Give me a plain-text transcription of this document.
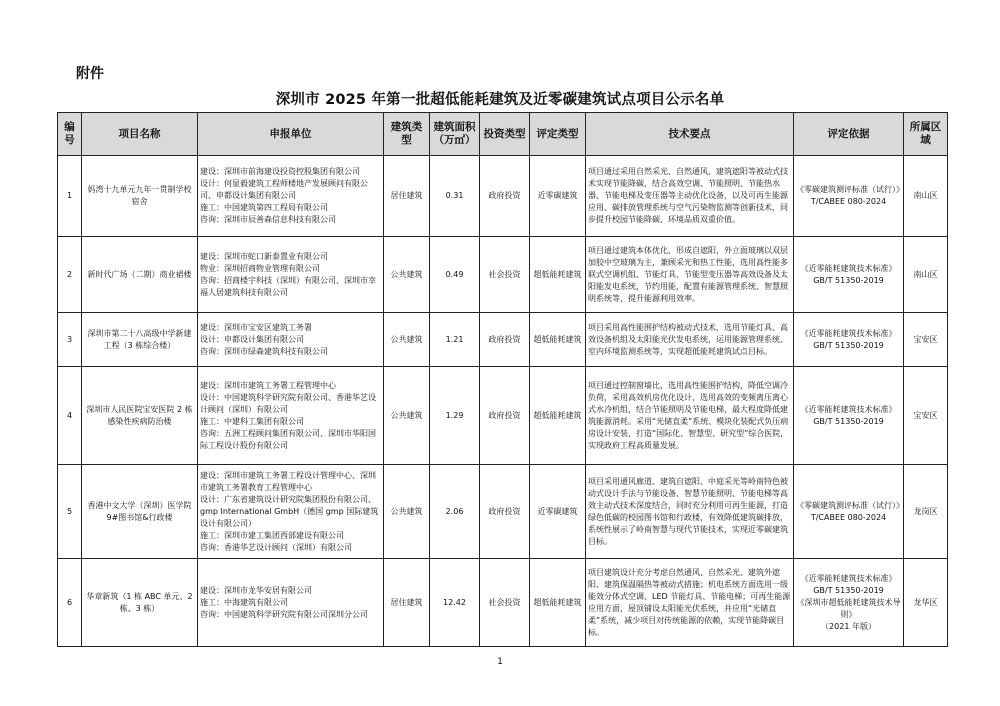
附件
深圳市 2025 年第一批超低能耗建筑及近零碳建筑试点项目公示名单
编号	项目名称	申报单位	建筑类型	建筑面积
（万㎡）	投资类型	评定类型	技术要点	评定依据	所属区域
1	妈湾十九单元九年一贯制学校宿舍	建设：深圳市前海建设投资控股集团有限公司
设计：何显毅建筑工程师楼地产发展顾问有限公司、申都设计集团有限公司
施工：中国建筑第四工程局有限公司
咨询：深圳市辰善森信息科技有限公司	居住建筑	0.31	政府投资	近零碳建筑	项目通过采用自然采光、自然通风、建筑遮阳等被动式技术实现节能降碳，结合高效空调、节能照明、节能热水器、节能电梯及变压器等主动优化设备，以及可再生能源应用、碳排放管理系统与空气污染物监测等创新技术，同步提升校园节能降碳、环境品质双重价值。	《零碳建筑测评标准（试行）》
T/CABEE 080-2024	南山区
2	新时代广场（二期）商业裙楼	建设：深圳市蛇口新泰置业有限公司
物业：深圳招商物业管理有限公司
咨询：招商楼宇科技（深圳）有限公司、深圳市幸福人居建筑科技有限公司	公共建筑	0.49	社会投资	超低能耗建筑	项目通过建筑本体优化，形成自遮阳，外立面玻璃以双层加胶中空玻璃为主，兼顾采光和热工性能，选用高性能多联式空调机组、节能灯具、节能型变压器等高效设备及太阳能发电系统，节约用能，配置有能源管理系统、智慧照明系统等，提升能源利用效率。	《近零能耗建筑技术标准》
GB/T 51350-2019	南山区
3	深圳市第二十八高级中学新建工程（3 栋综合楼）	建设：深圳市宝安区建筑工务署
设计：申都设计集团有限公司
咨询：深圳市绿森建筑科技有限公司	公共建筑	1.21	政府投资	超低能耗建筑	项目采用高性能围护结构被动式技术，选用节能灯具、高效设备机组及太阳能光伏发电系统，运用能源管理系统、室内环境监测系统等，实现超低能耗建筑试点目标。	《近零能耗建筑技术标准》
GB/T 51350-2019	宝安区
4	深圳市人民医院宝安医院 2 栋感染性疾病防治楼	建设：深圳市建筑工务署工程管理中心
设计：中国建筑科学研究院有限公司、香港华艺设计顾问（深圳）有限公司
施工：中建科工集团有限公司
咨询：五洲工程顾问集团有限公司、深圳市华阳国际工程设计股份有限公司	公共建筑	1.29	政府投资	超低能耗建筑	项目通过控制窗墙比，选用高性能围护结构，降低空调冷负荷，采用高效机房优化设计，选用高效的变频离压离心式水冷机组，结合节能照明及节能电梯，最大程度降低建筑能源消耗。采用“光储直柔”系统、模块化装配式负压病房设计安装，打造“国际化、智慧型、研究型”综合医院，实现政府工程高质量发展。	《近零能耗建筑技术标准》
GB/T 51350-2019	宝安区
5	香港中文大学（深圳）医学院 9#图书馆&行政楼	建设：深圳市建筑工务署工程设计管理中心、深圳市建筑工务署教育工程管理中心
设计：广东省建筑设计研究院集团股份有限公司、gmp International GmbH（德国 gmp 国际建筑设计有限公司）
施工：深圳市建工集团西部建设有限公司
咨询：香港华艺设计顾问（深圳）有限公司	公共建筑	2.06	政府投资	近零碳建筑	项目采用通风廊道、建筑自遮阳、中庭采光等岭南特色被动式设计手法与节能设备、智慧节能照明、节能电梯等高效主动式技术深度结合，同时充分利用可再生能源，打造绿色低碳的校园图书馆和行政楼，有效降低建筑碳排放，系统性展示了岭南智慧与现代节能技术，实现近零碳建筑目标。	《零碳建筑测评标准（试行）》
T/CABEE 080-2024	龙岗区
6	华章新筑（1 栋 ABC 单元、2 栋、3 栋）	建设：深圳市龙华安居有限公司
施工：中海建筑有限公司
咨询：中国建筑科学研究院有限公司深圳分公司	居住建筑	12.42	社会投资	超低能耗建筑	项目建筑设计充分考虑自然通风、自然采光、建筑外遮阳、建筑保温隔热等被动式措施；机电系统方面选用一级能效分体式空调、LED 节能灯具、节能电梯；可再生能源应用方面，屋顶铺设太阳能光伏系统，并应用“光储直柔”系统，减少项目对传统能源的依赖，实现节能降碳目标。	《近零能耗建筑技术标准》
GB/T 51350-2019
《深圳市超低能耗建筑技术导则》
（2021 年版）	龙华区
1
